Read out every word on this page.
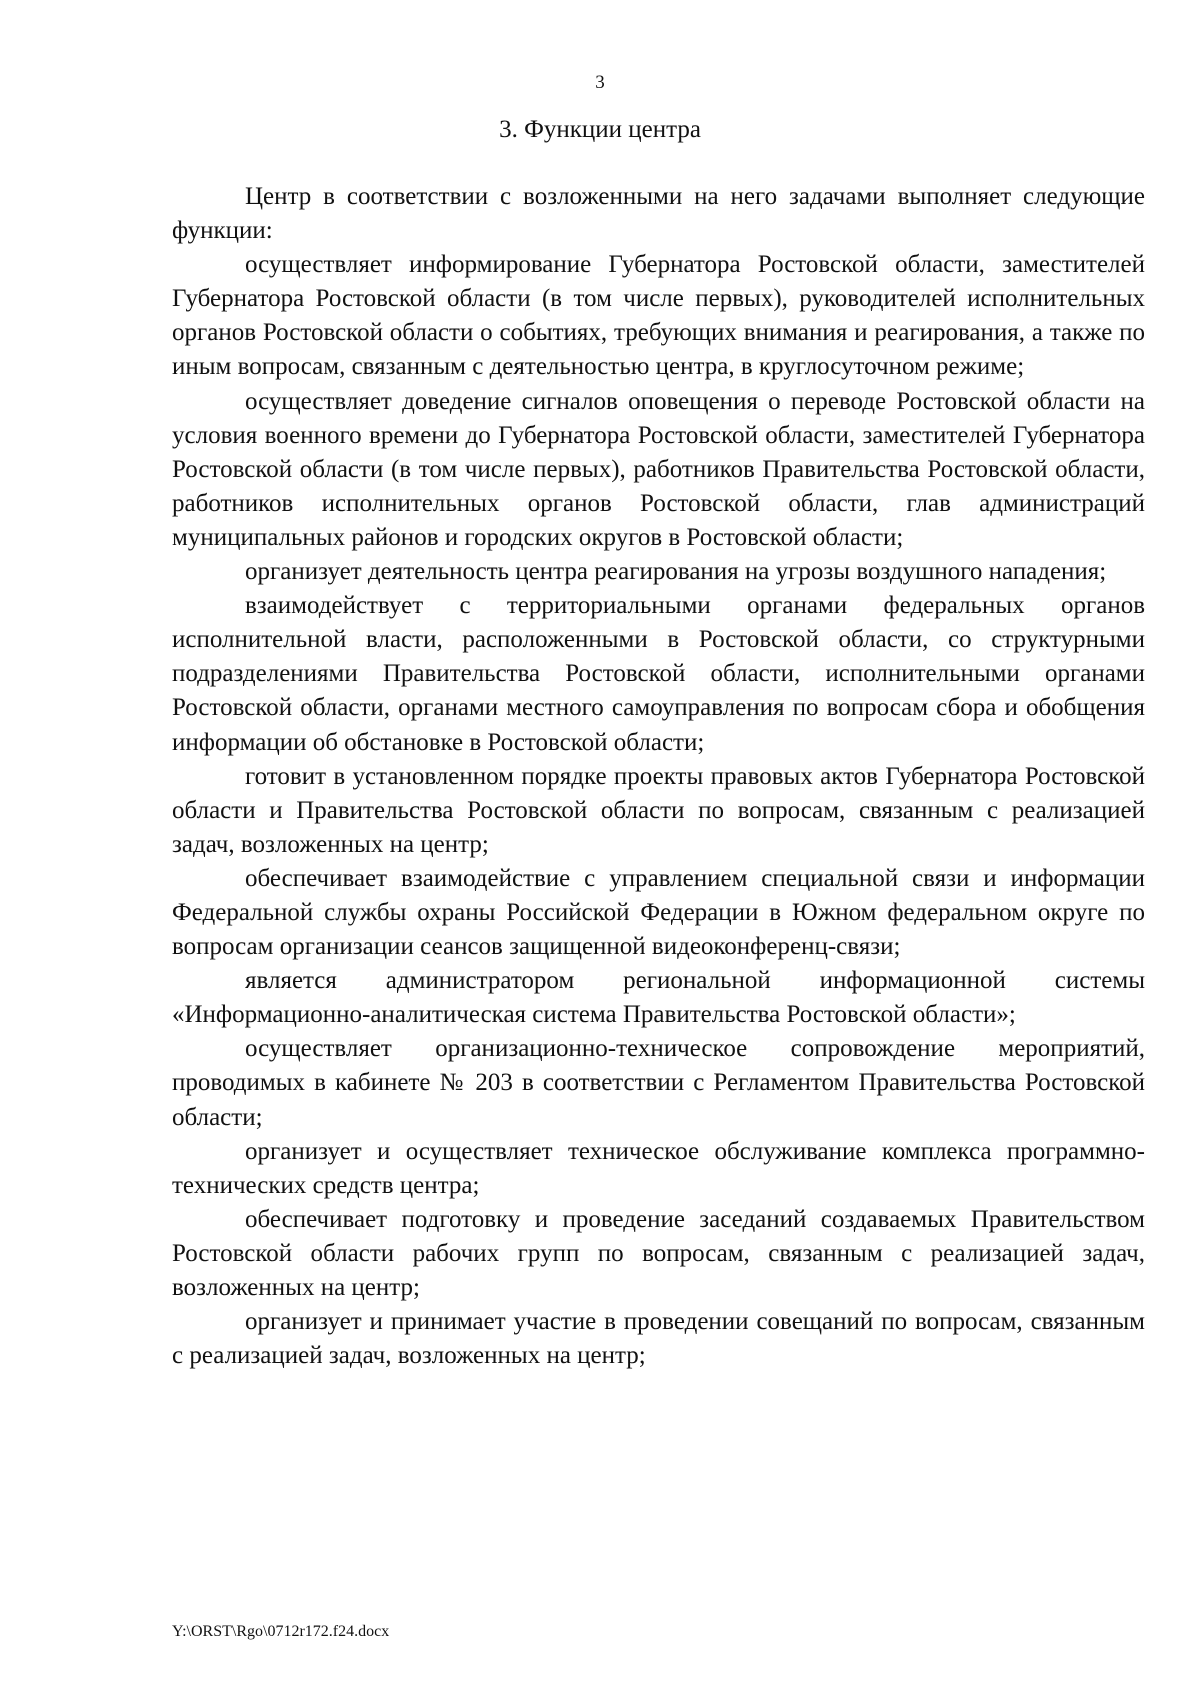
3
3. Функции центра

Центр в соответствии с возложенными на него задачами выполняет следующие функции:

осуществляет информирование Губернатора Ростовской области, заместителей Губернатора Ростовской области (в том числе первых), руководителей исполнительных органов Ростовской области о событиях, требующих внимания и реагирования, а также по иным вопросам, связанным с деятельностью центра, в круглосуточном режиме;

осуществляет доведение сигналов оповещения о переводе Ростовской области на условия военного времени до Губернатора Ростовской области, заместителей Губернатора Ростовской области (в том числе первых), работников Правительства Ростовской области, работников исполнительных органов Ростовской области, глав администраций муниципальных районов и городских округов в Ростовской области;

организует деятельность центра реагирования на угрозы воздушного нападения;

взаимодействует с территориальными органами федеральных органов исполнительной власти, расположенными в Ростовской области, со структурными подразделениями Правительства Ростовской области, исполнительными органами Ростовской области, органами местного самоуправления по вопросам сбора и обобщения информации об обстановке в Ростовской области;

готовит в установленном порядке проекты правовых актов Губернатора Ростовской области и Правительства Ростовской области по вопросам, связанным с реализацией задач, возложенных на центр;

обеспечивает взаимодействие с управлением специальной связи и информации Федеральной службы охраны Российской Федерации в Южном федеральном округе по вопросам организации сеансов защищенной видеоконференц-связи;

является администратором региональной информационной системы «Информационно-аналитическая система Правительства Ростовской области»;

осуществляет организационно-техническое сопровождение мероприятий, проводимых в кабинете № 203 в соответствии с Регламентом Правительства Ростовской области;

организует и осуществляет техническое обслуживание комплекса программно-технических средств центра;

обеспечивает подготовку и проведение заседаний создаваемых Правительством Ростовской области рабочих групп по вопросам, связанным с реализацией задач, возложенных на центр;

организует и принимает участие в проведении совещаний по вопросам, связанным с реализацией задач, возложенных на центр;

Y:\ORST\Rgo\0712r172.f24.docx
